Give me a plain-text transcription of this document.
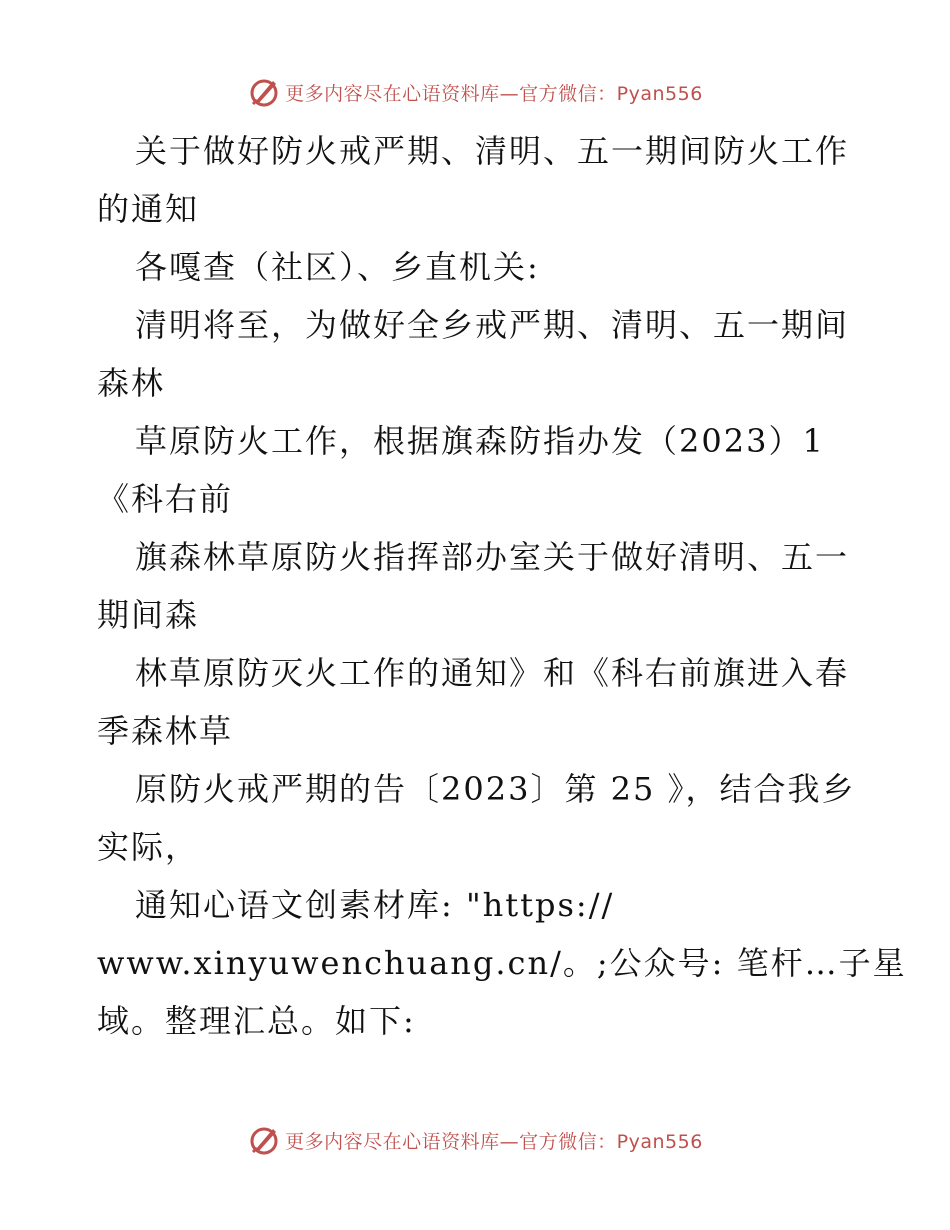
更多内容尽在心语资料库—官方微信：Pyan556
关于做好防火戒严期、清明、五一期间防火工作
的通知
各嘎查（社区）、乡直机关:
清明将至，为做好全乡戒严期、清明、五一期间
森林
草原防火工作，根据旗森防指办发（2023）1
《科右前
旗森林草原防火指挥部办室关于做好清明、五一
期间森
林草原防灭火工作的通知》和《科右前旗进入春
季森林草
原防火戒严期的告〔2023〕第 25 》，结合我乡
实际，
通知心语文创素材库: "https://
www.xinyuwenchuang.cn/。;公众号: 笔杆…子星
域。整理汇总。如下:
更多内容尽在心语资料库—官方微信：Pyan556
